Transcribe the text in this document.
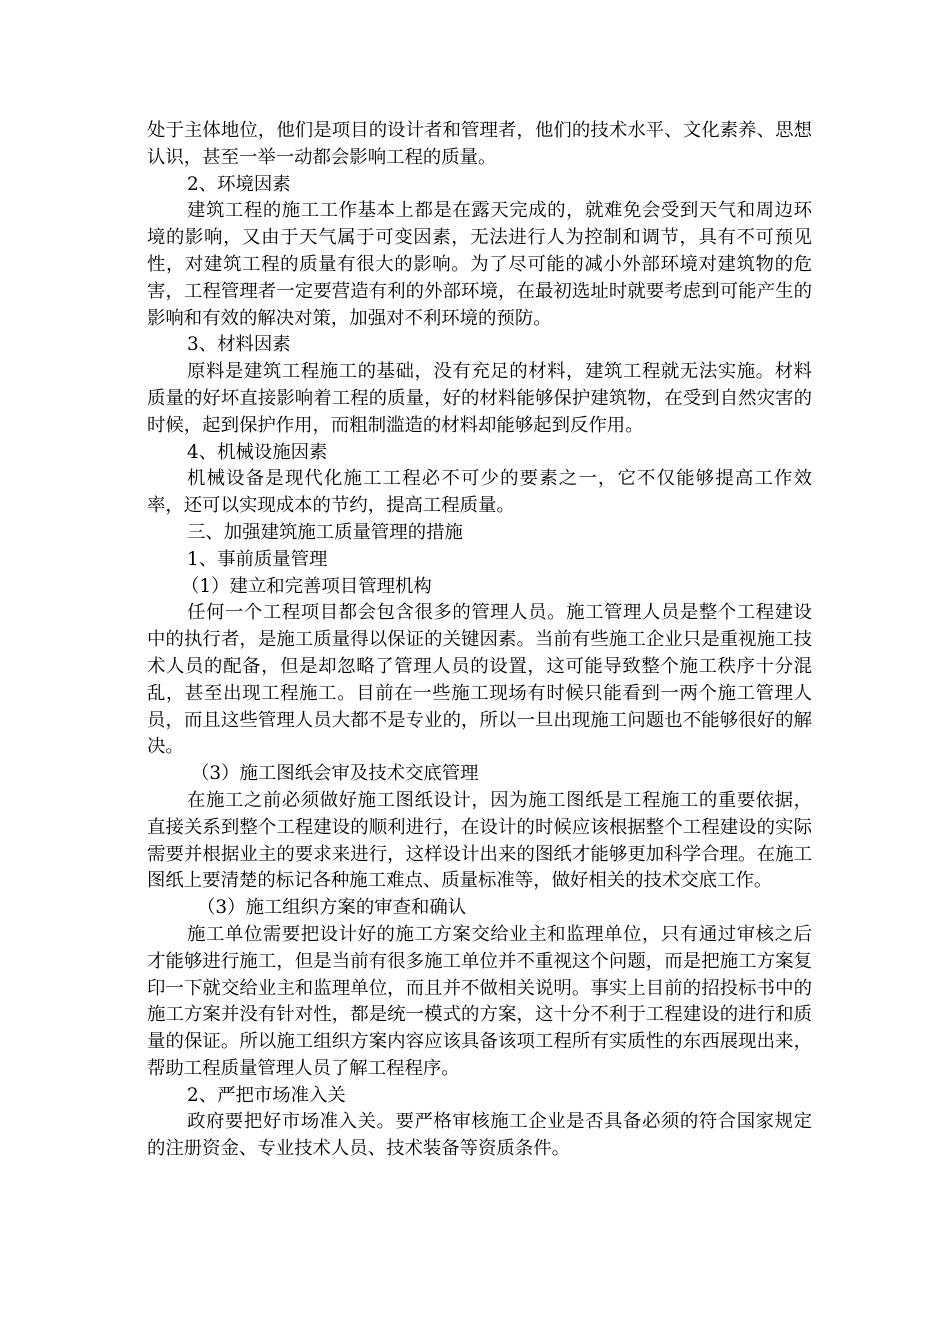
处于主体地位，他们是项目的设计者和管理者，他们的技术水平、文化素养、思想认识，甚至一举一动都会影响工程的质量。

2、环境因素

建筑工程的施工工作基本上都是在露天完成的，就难免会受到天气和周边环境的影响，又由于天气属于可变因素，无法进行人为控制和调节，具有不可预见性，对建筑工程的质量有很大的影响。为了尽可能的减小外部环境对建筑物的危害，工程管理者一定要营造有利的外部环境，在最初选址时就要考虑到可能产生的影响和有效的解决对策，加强对不利环境的预防。

3、材料因素

原料是建筑工程施工的基础，没有充足的材料，建筑工程就无法实施。材料质量的好坏直接影响着工程的质量，好的材料能够保护建筑物，在受到自然灾害的时候，起到保护作用，而粗制滥造的材料却能够起到反作用。

4、机械设施因素

机械设备是现代化施工工程必不可少的要素之一，它不仅能够提高工作效率，还可以实现成本的节约，提高工程质量。

三、加强建筑施工质量管理的措施

1、事前质量管理

（1）建立和完善项目管理机构

任何一个工程项目都会包含很多的管理人员。施工管理人员是整个工程建设中的执行者，是施工质量得以保证的关键因素。当前有些施工企业只是重视施工技术人员的配备，但是却忽略了管理人员的设置，这可能导致整个施工秩序十分混乱，甚至出现工程施工。目前在一些施工现场有时候只能看到一两个施工管理人员，而且这些管理人员大都不是专业的，所以一旦出现施工问题也不能够很好的解决。

（3）施工图纸会审及技术交底管理

在施工之前必须做好施工图纸设计，因为施工图纸是工程施工的重要依据，直接关系到整个工程建设的顺利进行，在设计的时候应该根据整个工程建设的实际需要并根据业主的要求来进行，这样设计出来的图纸才能够更加科学合理。在施工图纸上要清楚的标记各种施工难点、质量标准等，做好相关的技术交底工作。

（3）施工组织方案的审查和确认

施工单位需要把设计好的施工方案交给业主和监理单位，只有通过审核之后才能够进行施工，但是当前有很多施工单位并不重视这个问题，而是把施工方案复印一下就交给业主和监理单位，而且并不做相关说明。事实上目前的招投标书中的施工方案并没有针对性，都是统一模式的方案，这十分不利于工程建设的进行和质量的保证。所以施工组织方案内容应该具备该项工程所有实质性的东西展现出来，帮助工程质量管理人员了解工程程序。

2、严把市场准入关

政府要把好市场准入关。要严格审核施工企业是否具备必须的符合国家规定的注册资金、专业技术人员、技术装备等资质条件。
